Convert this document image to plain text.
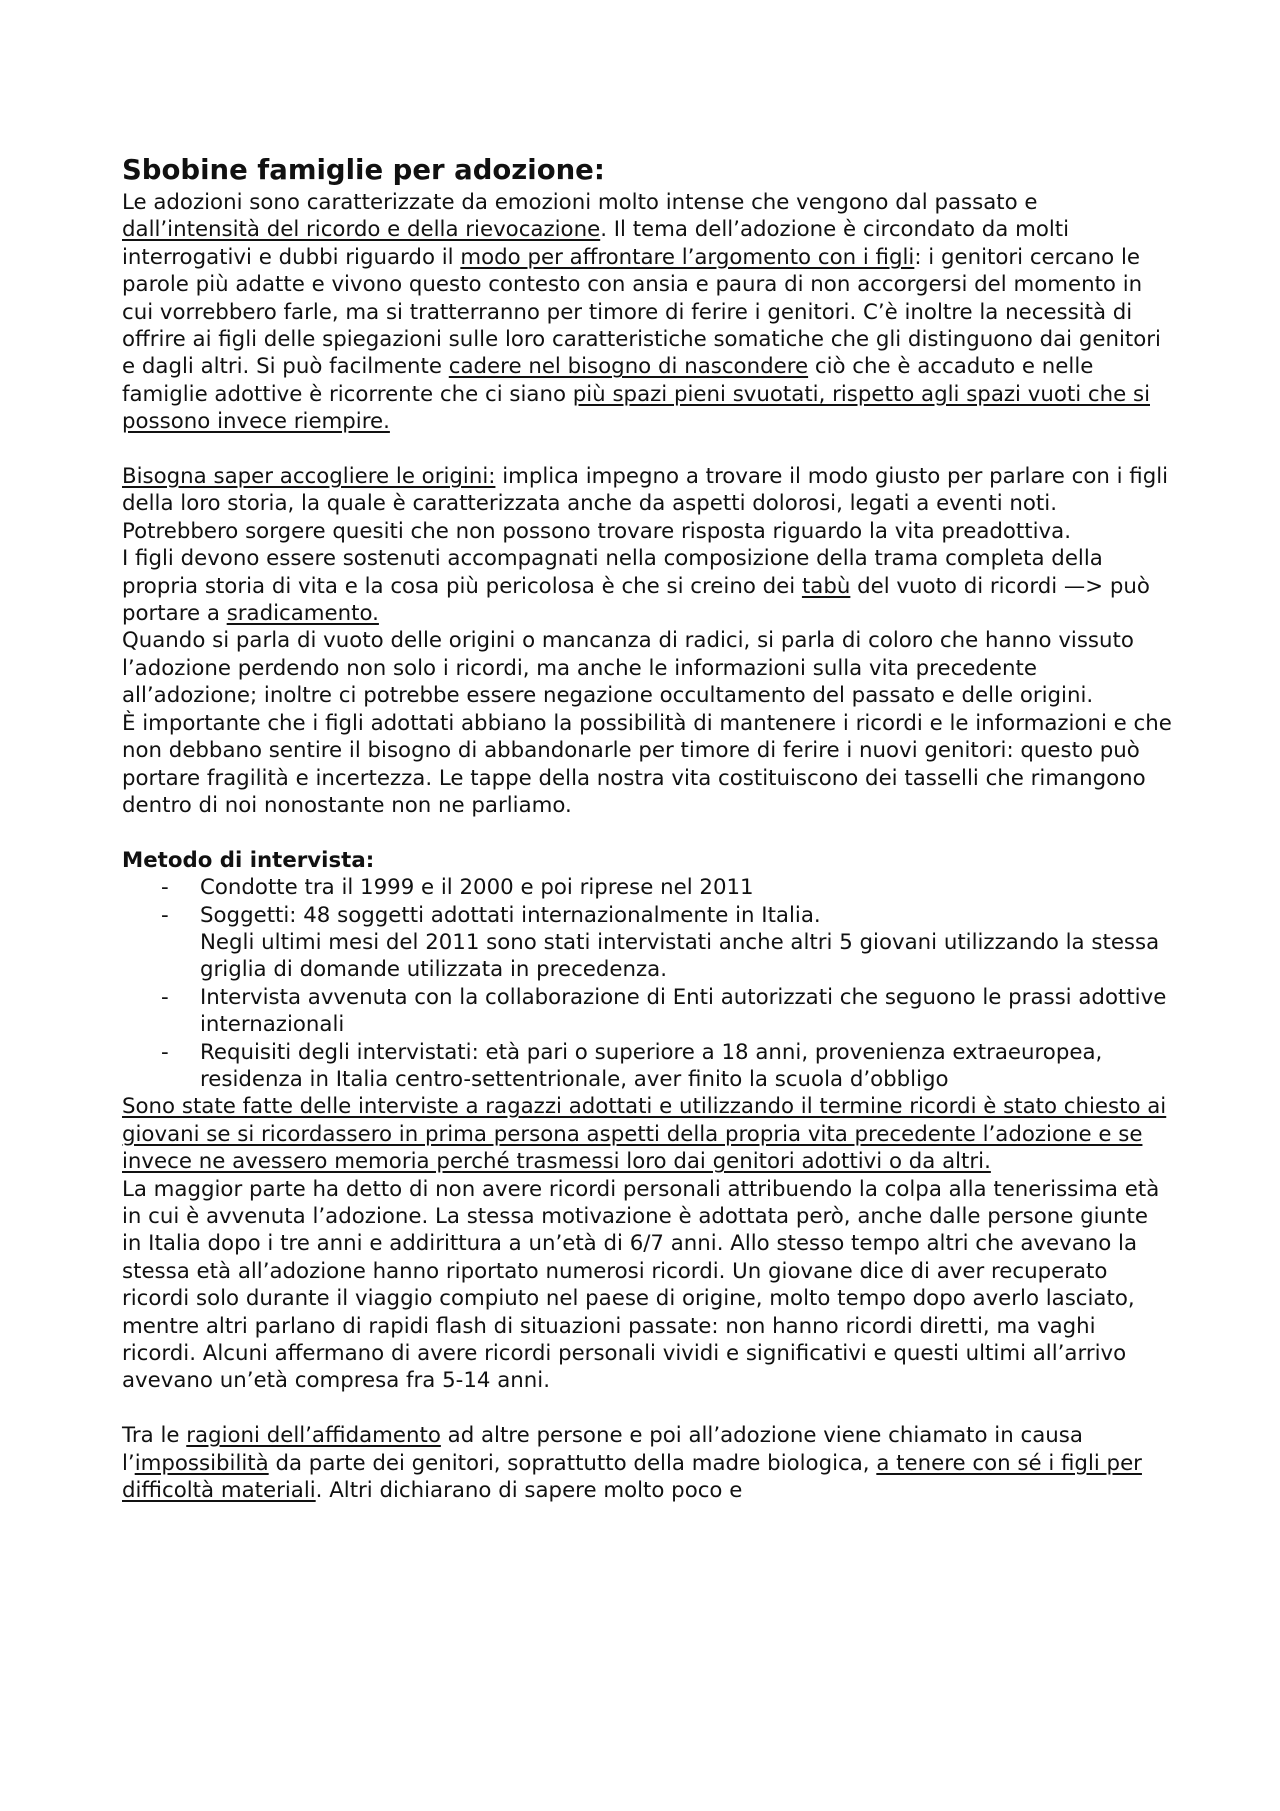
Sbobine famiglie per adozione:

Le adozioni sono caratterizzate da emozioni molto intense che vengono dal passato e dall’intensità del ricordo e della rievocazione. Il tema dell’adozione è circondato da molti interrogativi e dubbi riguardo il modo per affrontare l’argomento con i figli: i genitori cercano le parole più adatte e vivono questo contesto con ansia e paura di non accorgersi del momento in cui vorrebbero farle, ma si tratterranno per timore di ferire i genitori. C’è inoltre la necessità di offrire ai figli delle spiegazioni sulle loro caratteristiche somatiche che gli distinguono dai genitori e dagli altri. Si può facilmente cadere nel bisogno di nascondere ciò che è accaduto e nelle famiglie adottive è ricorrente che ci siano più spazi pieni svuotati, rispetto agli spazi vuoti che si possono invece riempire.

Bisogna saper accogliere le origini: implica impegno a trovare il modo giusto per parlare con i figli della loro storia, la quale è caratterizzata anche da aspetti dolorosi, legati a eventi noti. Potrebbero sorgere quesiti che non possono trovare risposta riguardo la vita preadottiva.

I figli devono essere sostenuti accompagnati nella composizione della trama completa della propria storia di vita e la cosa più pericolosa è che si creino dei tabù del vuoto di ricordi —> può portare a sradicamento.

Quando si parla di vuoto delle origini o mancanza di radici, si parla di coloro che hanno vissuto l’adozione perdendo non solo i ricordi, ma anche le informazioni sulla vita precedente all’adozione; inoltre ci potrebbe essere negazione occultamento del passato e delle origini.

È importante che i figli adottati abbiano la possibilità di mantenere i ricordi e le informazioni e che non debbano sentire il bisogno di abbandonarle per timore di ferire i nuovi genitori: questo può portare fragilità e incertezza. Le tappe della nostra vita costituiscono dei tasselli che rimangono dentro di noi nonostante non ne parliamo.

Metodo di intervista:

- Condotte tra il 1999 e il 2000 e poi riprese nel 2011
- Soggetti: 48 soggetti adottati internazionalmente in Italia.
Negli ultimi mesi del 2011 sono stati intervistati anche altri 5 giovani utilizzando la stessa griglia di domande utilizzata in precedenza.
- Intervista avvenuta con la collaborazione di Enti autorizzati che seguono le prassi adottive internazionali
- Requisiti degli intervistati: età pari o superiore a 18 anni, provenienza extraeuropea, residenza in Italia centro-settentrionale, aver finito la scuola d’obbligo

Sono state fatte delle interviste a ragazzi adottati e utilizzando il termine ricordi è stato chiesto ai giovani se si ricordassero in prima persona aspetti della propria vita precedente l’adozione e se invece ne avessero memoria perché trasmessi loro dai genitori adottivi o da altri.

La maggior parte ha detto di non avere ricordi personali attribuendo la colpa alla tenerissima età in cui è avvenuta l’adozione. La stessa motivazione è adottata però, anche dalle persone giunte in Italia dopo i tre anni e addirittura a un’età di 6/7 anni. Allo stesso tempo altri che avevano la stessa età all’adozione hanno riportato numerosi ricordi. Un giovane dice di aver recuperato ricordi solo durante il viaggio compiuto nel paese di origine, molto tempo dopo averlo lasciato, mentre altri parlano di rapidi flash di situazioni passate: non hanno ricordi diretti, ma vaghi ricordi. Alcuni affermano di avere ricordi personali vividi e significativi e questi ultimi all’arrivo avevano un’età compresa fra 5-14 anni.

Tra le ragioni dell’affidamento ad altre persone e poi all’adozione viene chiamato in causa l’impossibilità da parte dei genitori, soprattutto della madre biologica, a tenere con sé i figli per difficoltà materiali. Altri dichiarano di sapere molto poco e
